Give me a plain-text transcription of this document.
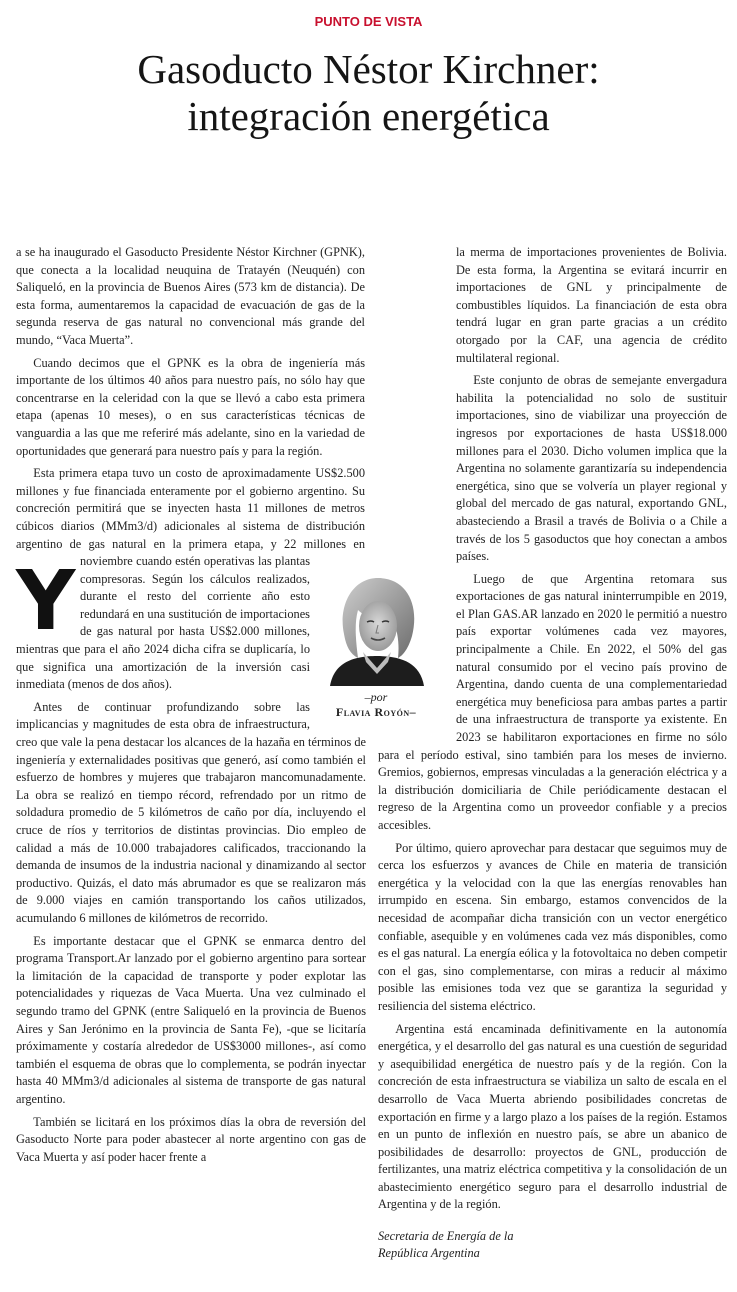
PUNTO DE VISTA
Gasoducto Néstor Kirchner:
integración energética

Y
a se ha inaugurado el Gasoducto Presidente Néstor Kirchner (GPNK), que conecta a la localidad neuquina de Tratayén (Neuquén) con Saliqueló, en la provincia de Buenos Aires (573 km de distancia). De esta forma, aumentaremos la capacidad de evacuación de gas de la segunda reserva de gas natural no convencional más grande del mundo, “Vaca Muerta”.

Cuando decimos que el GPNK es la obra de ingeniería más importante de los últimos 40 años para nuestro país, no sólo hay que concentrarse en la celeridad con la que se llevó a cabo esta primera etapa (apenas 10 meses), o en sus características técnicas de vanguardia a las que me referiré más adelante, sino en la variedad de oportunidades que generará para nuestro país y para la región.

Esta primera etapa tuvo un costo de aproximadamente US$2.500 millones y fue financiada enteramente por el gobierno argentino. Su concreción permitirá que se inyecten hasta 11 millones de metros cúbicos diarios (MMm3/d) adicionales al sistema de distribución argentino de gas natural en la primera etapa, y 22 millones en noviembre cuando estén operativas las plantas compresoras. Según los cálculos realizados, durante el resto del corriente año esto redundará en una sustitución de importaciones de gas natural por hasta US$2.000 millones, mientras que para el año 2024 dicha cifra se duplicaría, lo que significa una amortización de la inversión casi inmediata (menos de dos años).

Antes de continuar profundizando sobre las implicancias y magnitudes de esta obra de infraestructura, creo que vale la pena destacar los alcances de la hazaña en términos de ingeniería y externalidades positivas que generó, así como también el esfuerzo de hombres y mujeres que trabajaron mancomunadamente. La obra se realizó en tiempo récord, refrendado por un ritmo de soldadura promedio de 5 kilómetros de caño por día, incluyendo el cruce de ríos y territorios de distintas provincias. Dio empleo de calidad a más de 10.000 trabajadores calificados, traccionando la demanda de insumos de la industria nacional y dinamizando al sector productivo. Quizás, el dato más abrumador es que se realizaron más de 9.000 viajes en camión transportando los caños utilizados, acumulando 6 millones de kilómetros de recorrido.

Es importante destacar que el GPNK se enmarca dentro del programa Transport.Ar lanzado por el gobierno argentino para sortear la limitación de la capacidad de transporte y poder explotar las potencialidades y riquezas de Vaca Muerta. Una vez culminado el segundo tramo del GPNK (entre Saliqueló en la provincia de Buenos Aires y San Jerónimo en la provincia de Santa Fe), -que se licitaría próximamente y costaría alrededor de US$3000 millones-, así como también el esquema de obras que lo complementa, se podrán inyectar hasta 40 MMm3/d adicionales al sistema de transporte de gas natural argentino.

También se licitará en los próximos días la obra de reversión del Gasoducto Norte para poder abastecer al norte argentino con gas de Vaca Muerta y así poder hacer frente a

la merma de importaciones provenientes de Bolivia. De esta forma, la Argentina se evitará incurrir en importaciones de GNL y principalmente de combustibles líquidos. La financiación de esta obra tendrá lugar en gran parte gracias a un crédito otorgado por la CAF, una agencia de crédito multilateral regional.

Este conjunto de obras de semejante envergadura habilita la potencialidad no solo de sustituir importaciones, sino de viabilizar una proyección de ingresos por exportaciones de hasta US$18.000 millones para el 2030. Dicho volumen implica que la Argentina no solamente garantizaría su independencia energética, sino que se volvería un player regional y global del mercado de gas natural, exportando GNL, abasteciendo a Brasil a través de Bolivia o a Chile a través de los 5 gasoductos que hoy conectan a ambos países.

Luego de que Argentina retomara sus exportaciones de gas natural ininterrumpible en 2019, el Plan GAS.AR lanzado en 2020 le permitió a nuestro país exportar volúmenes cada vez mayores, principalmente a Chile. En 2022, el 50% del gas natural consumido por el vecino país provino de Argentina, dando cuenta de una complementariedad energética muy beneficiosa para ambas partes a partir de una infraestructura de transporte ya existente. En 2023 se habilitaron exportaciones en firme no sólo para el período estival, sino también para los meses de invierno. Gremios, gobiernos, empresas vinculadas a la generación eléctrica y a la distribución domiciliaria de Chile periódicamente destacan el regreso de la Argentina como un proveedor confiable y a precios accesibles.

Por último, quiero aprovechar para destacar que seguimos muy de cerca los esfuerzos y avances de Chile en materia de transición energética y la velocidad con la que las energías renovables han irrumpido en escena. Sin embargo, estamos convencidos de la necesidad de acompañar dicha transición con un vector energético confiable, asequible y en volúmenes cada vez más disponibles, como es el gas natural. La energía eólica y la fotovoltaica no deben competir con el gas, sino complementarse, con miras a reducir al máximo posible las emisiones toda vez que se garantiza la seguridad y resiliencia del sistema eléctrico.

Argentina está encaminada definitivamente en la autonomía energética, y el desarrollo del gas natural es una cuestión de seguridad y asequibilidad energética de nuestro país y de la región. Con la concreción de esta infraestructura se viabiliza un salto de escala en el desarrollo de Vaca Muerta abriendo posibilidades concretas de exportación en firme y a largo plazo a los países de la región. Estamos en un punto de inflexión en nuestro país, se abre un abanico de posibilidades de desarrollo: proyectos de GNL, producción de fertilizantes, una matriz eléctrica competitiva y la consolidación de un abastecimiento energético seguro para el desarrollo industrial de Argentina y de la región.

Secretaria de Energía de la
República Argentina
–por
Flavia Royón–
